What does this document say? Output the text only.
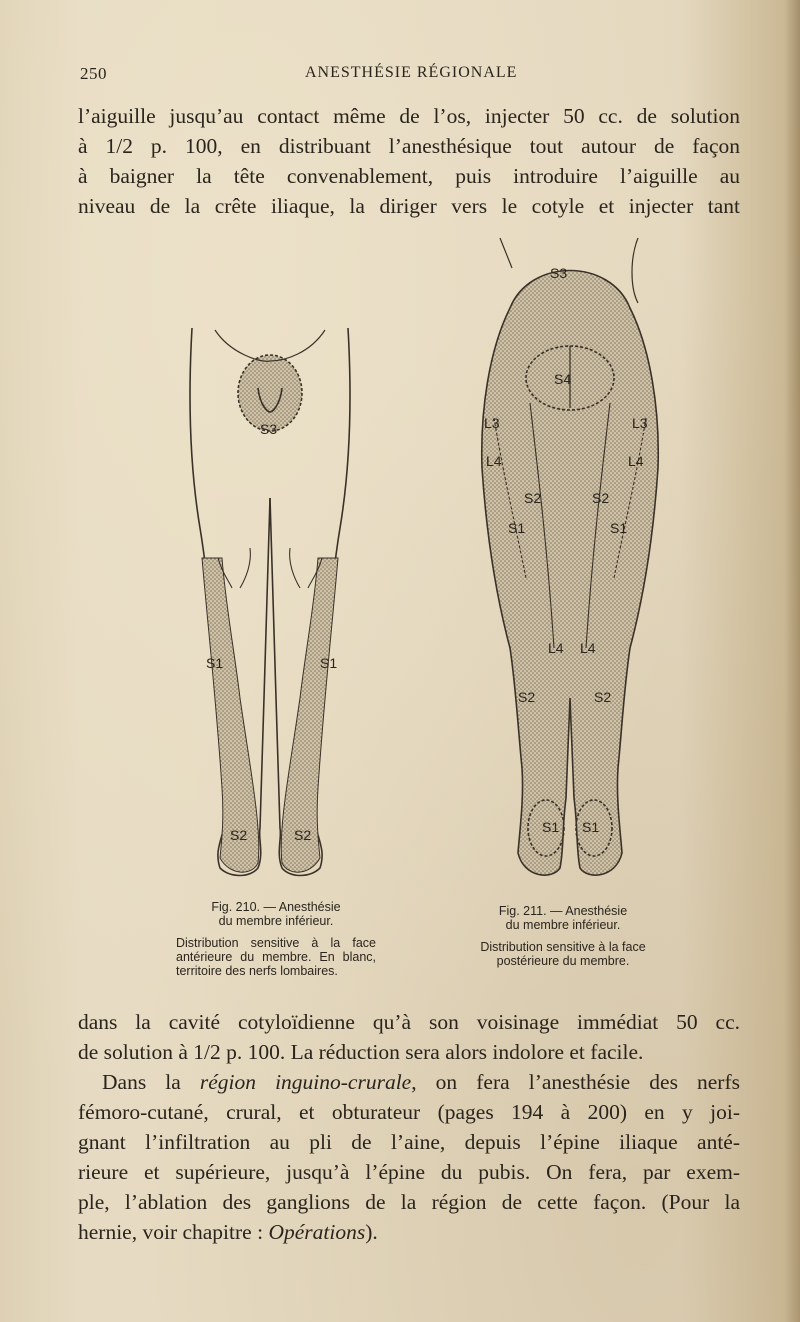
250	ANESTHÉSIE RÉGIONALE
l’aiguille jusqu’au contact même de l’os, injecter 50 cc. de solution
à 1/2 p. 100, en distribuant l’anesthésique tout autour de façon
à baigner la tête convenablement, puis introduire l’aiguille au
niveau de la crête iliaque, la diriger vers le cotyle et injecter tant
S3
S1	S1
S2	S2
S3
S4
L3	L3
L4	L4
S2	S2
S1	S1
L4 L4
S2	S2
S1 S1
Fig. 210. — Anesthésie
du membre inférieur.
Distribution sensitive à la face antérieure du membre. En blanc, territoire des nerfs lombaires.
Fig. 211. — Anesthésie
du membre inférieur.
Distribution sensitive à la face postérieure du membre.
dans la cavité cotyloïdienne qu’à son voisinage immédiat 50 cc.
de solution à 1/2 p. 100. La réduction sera alors indolore et facile.
Dans la région inguino-crurale, on fera l’anesthésie des nerfs
fémoro-cutané, crural, et obturateur (pages 194 à 200) en y joi-
gnant l’infiltration au pli de l’aine, depuis l’épine iliaque anté-
rieure et supérieure, jusqu’à l’épine du pubis. On fera, par exem-
ple, l’ablation des ganglions de la région de cette façon. (Pour la
hernie, voir chapitre : Opérations).
